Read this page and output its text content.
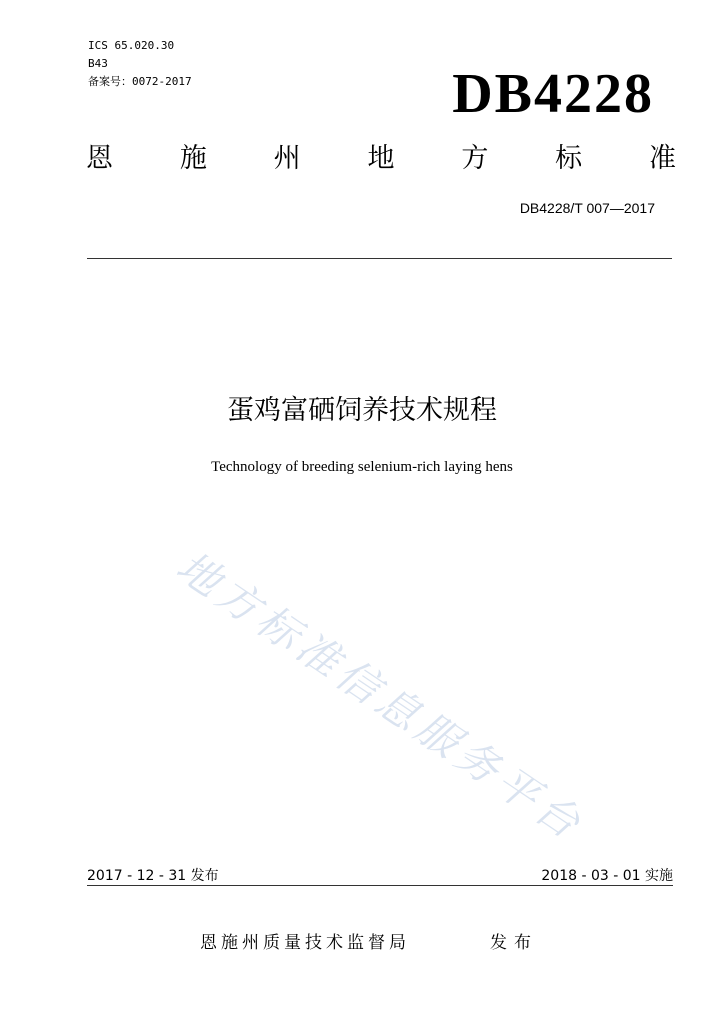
ICS 65.020.30
B43
备案号：0072-2017	DB4228
恩 施 州 地 方 标 准
DB4228/T 007—2017
蛋鸡富硒饲养技术规程
Technology of breeding selenium-rich laying hens
地方标准信息服务平台
2017 - 12 - 31 发布	2018 - 03 - 01 实施
恩施州质量技术监督局	发布
